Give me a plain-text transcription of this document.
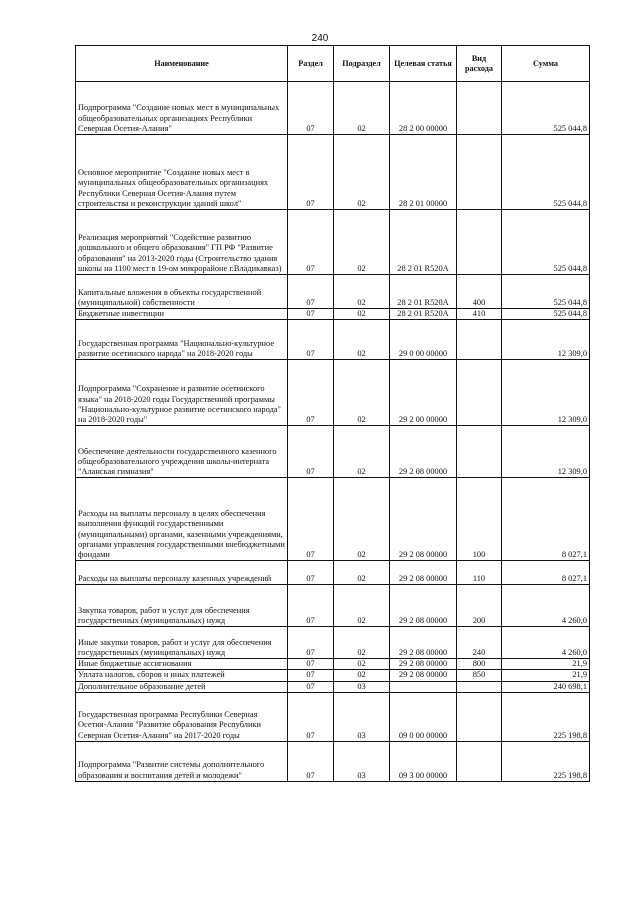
240
Наименование	Раздел	Подраздел	Целевая статья	Вид расхода	Сумма
Подпрограмма "Создание новых мест в муниципальных общеобразовательных организациях Республики Северная Осетия-Алания"	07	02	28 2 00 00000		525 044,8
Основное мероприятие "Создание новых мест в муниципальных общеобразовательных организациях Республики Северная Осетия-Алания путем строительства и реконструкции зданий школ"	07	02	28 2 01 00000		525 044,8
Реализация мероприятий "Содействие развитию дошкольного и общего образования" ГП РФ "Развитие образования" на 2013-2020 годы (Строительство здания школы на 1100 мест в 19-ом микрорайоне г.Владикавказ)	07	02	28 2 01 R520A		525 044,8
Капитальные вложения в объекты государственной (муниципальной) собственности	07	02	28 2 01 R520A	400	525 044,8
Бюджетные инвестиции	07	02	28 2 01 R520A	410	525 044,8
Государственная программа "Национально-культурное развитие осетинского народа" на 2018-2020 годы	07	02	29 0 00 00000		12 309,0
Подпрограмма "Сохранение и развитие осетинского языка" на 2018-2020 годы Государственной программы "Национально-культурное развитие осетинского народа" на 2018-2020 годы"	07	02	29 2 00 00000		12 309,0
Обеспечение деятельности государственного казенного общеобразовательного учреждения школы-интерната "Аланская гимназия"	07	02	29 2 08 00000		12 309,0
Расходы на выплаты персоналу в целях обеспечения выполнения функций государственными (муниципальными) органами, казенными учреждениями, органами управления государственными внебюджетными фондами	07	02	29 2 08 00000	100	8 027,1
Расходы на выплаты персоналу казенных учреждений	07	02	29 2 08 00000	110	8 027,1
Закупка товаров, работ и услуг для обеспечения государственных (муниципальных) нужд	07	02	29 2 08 00000	200	4 260,0
Иные закупки товаров, работ и услуг для обеспечения государственных (муниципальных) нужд	07	02	29 2 08 00000	240	4 260,0
Иные бюджетные ассигнования	07	02	29 2 08 00000	800	21,9
Уплата налогов, сборов и иных платежей	07	02	29 2 08 00000	850	21,9
Дополнительное образование детей	07	03			240 698,1
Государственная программа Республики Северная Осетия-Алания "Развитие образования Республики Северная Осетия-Алания" на 2017-2020 годы	07	03	09 0 00 00000		225 198,8
Подпрограмма "Развитие системы дополнительного образования и воспитания детей и молодежи"	07	03	09 3 00 00000		225 198,8
